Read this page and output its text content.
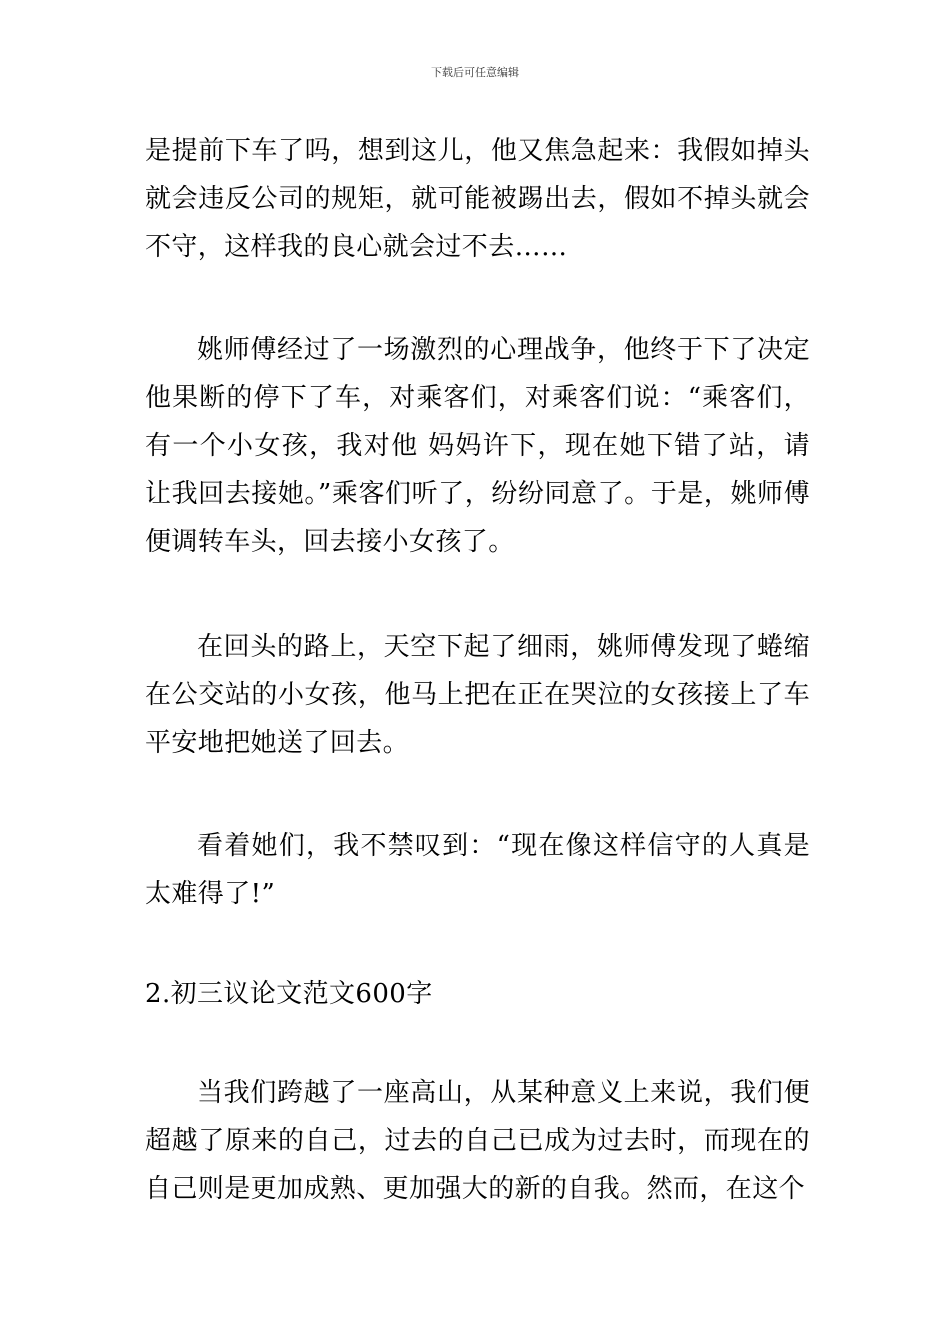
下载后可任意编辑

是提前下车了吗，想到这儿，他又焦急起来：我假如掉头就会违反公司的规矩，就可能被踢出去，假如不掉头就会不守，这样我的良心就会过不去……

姚师傅经过了一场激烈的心理战争，他终于下了决定他果断的停下了车，对乘客们，对乘客们说：“乘客们，有一个小女孩，我对他 妈妈许下，现在她下错了站，请让我回去接她。”乘客们听了，纷纷同意了。于是，姚师傅便调转车头，回去接小女孩了。

在回头的路上，天空下起了细雨，姚师傅发现了蜷缩在公交站的小女孩，他马上把在正在哭泣的女孩接上了车平安地把她送了回去。

看着她们，我不禁叹到：“现在像这样信守的人真是太难得了!”

2.初三议论文范文600字

当我们跨越了一座高山，从某种意义上来说，我们便超越了原来的自己，过去的自己已成为过去时，而现在的自己则是更加成熟、更加强大的新的自我。然而，在这个
